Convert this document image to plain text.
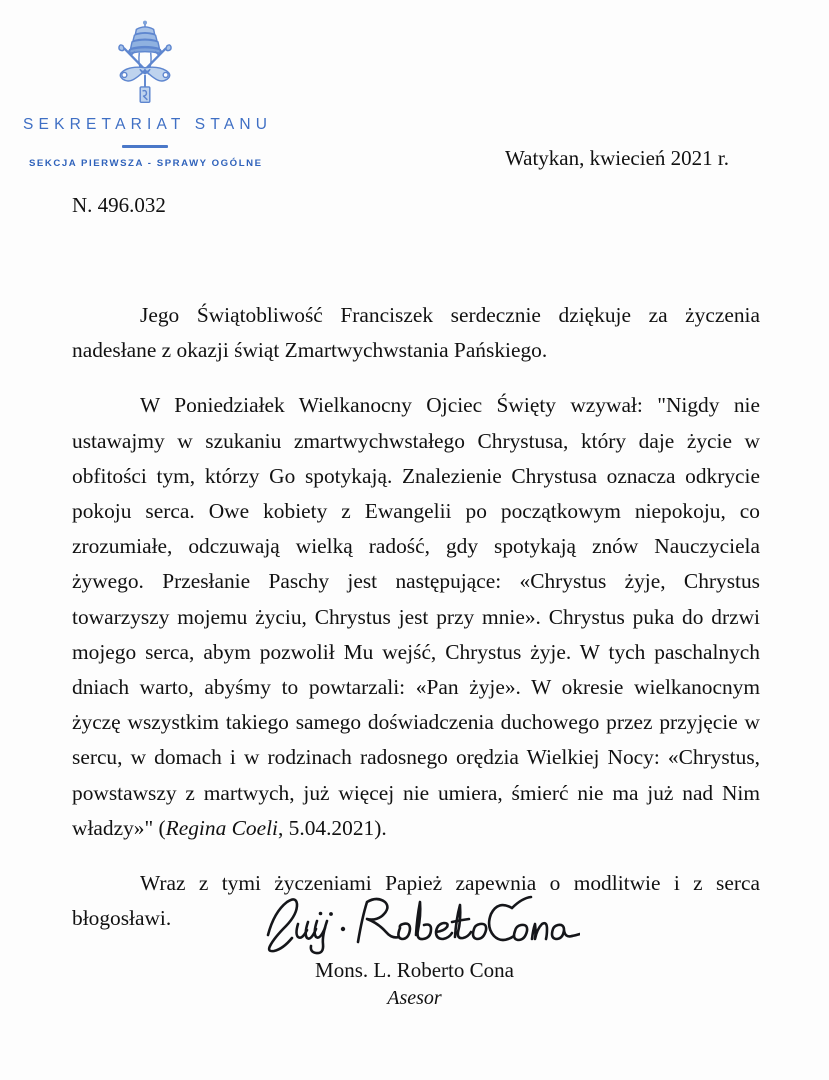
SEKRETARIAT STANU
SEKCJA PIERWSZA - SPRAWY OGÓLNE	Watykan, kwiecień 2021 r.
N. 496.032

Jego Świątobliwość Franciszek serdecznie dziękuje za życzenia nadesłane z okazji świąt Zmartwychwstania Pańskiego.

W Poniedziałek Wielkanocny Ojciec Święty wzywał: "Nigdy nie ustawajmy w szukaniu zmartwychwstałego Chrystusa, który daje życie w obfitości tym, którzy Go spotykają. Znalezienie Chrystusa oznacza odkrycie pokoju serca. Owe kobiety z Ewangelii po początkowym niepokoju, co zrozumiałe, odczuwają wielką radość, gdy spotykają znów Nauczyciela żywego. Przesłanie Paschy jest następujące: «Chrystus żyje, Chrystus towarzyszy mojemu życiu, Chrystus jest przy mnie». Chrystus puka do drzwi mojego serca, abym pozwolił Mu wejść, Chrystus żyje. W tych paschalnych dniach warto, abyśmy to powtarzali: «Pan żyje». W okresie wielkanocnym życzę wszystkim takiego samego doświadczenia duchowego przez przyjęcie w sercu, w domach i w rodzinach radosnego orędzia Wielkiej Nocy: «Chrystus, powstawszy z martwych, już więcej nie umiera, śmierć nie ma już nad Nim władzy»" (Regina Coeli, 5.04.2021).

Wraz z tymi życzeniami Papież zapewnia o modlitwie i z serca błogosławi.

Mons. L. Roberto Cona
Asesor
